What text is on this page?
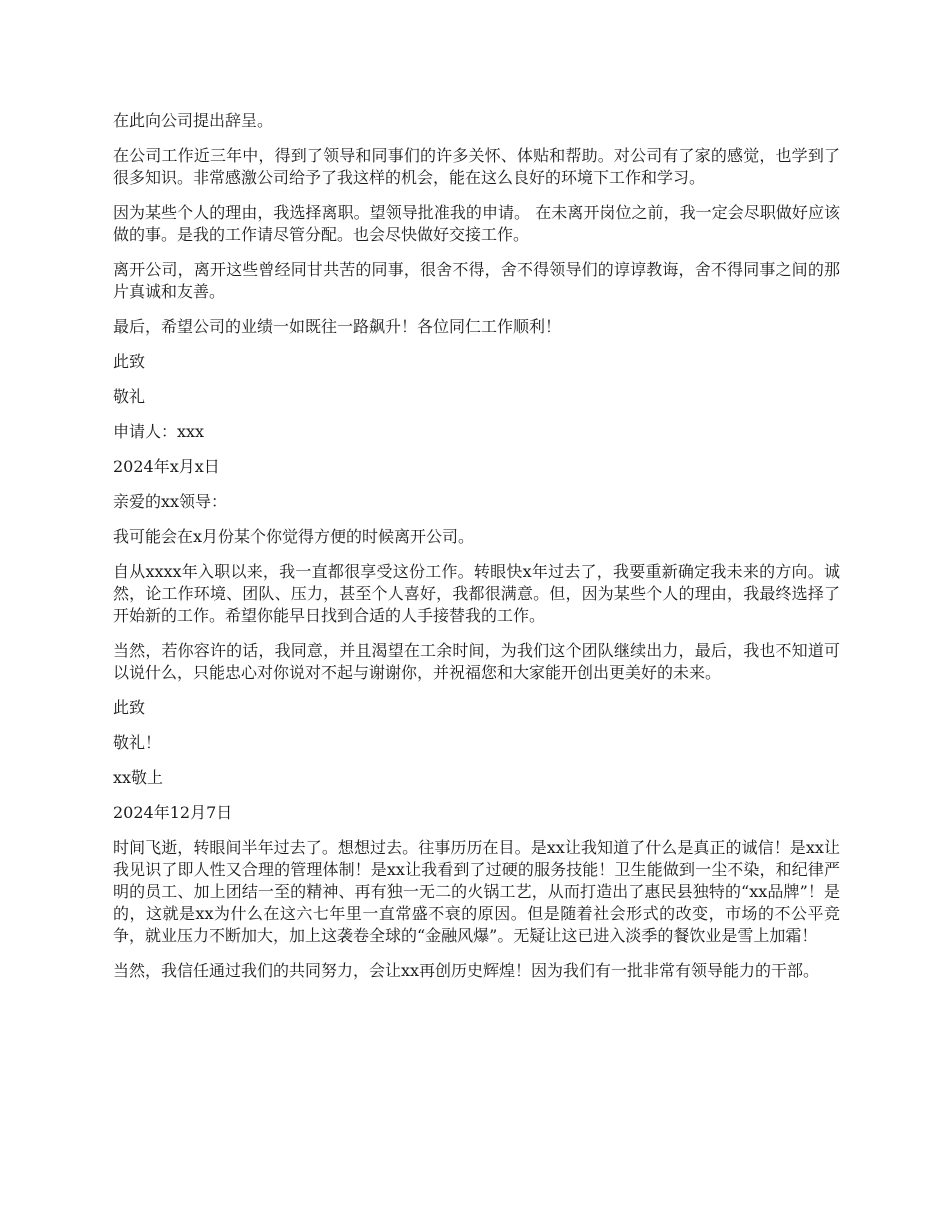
在此向公司提出辞呈。

在公司工作近三年中，得到了领导和同事们的许多关怀、体贴和帮助。对公司有了家的感觉，也学到了很多知识。非常感激公司给予了我这样的机会，能在这么良好的环境下工作和学习。

因为某些个人的理由，我选择离职。望领导批准我的申请。 在未离开岗位之前，我一定会尽职做好应该做的事。是我的工作请尽管分配。也会尽快做好交接工作。

离开公司，离开这些曾经同甘共苦的同事，很舍不得，舍不得领导们的谆谆教诲，舍不得同事之间的那片真诚和友善。

最后，希望公司的业绩一如既往一路飙升！各位同仁工作顺利！

此致

敬礼

申请人：xxx

2024年x月x日

亲爱的xx领导：

我可能会在x月份某个你觉得方便的时候离开公司。

自从xxxx年入职以来，我一直都很享受这份工作。转眼快x年过去了，我要重新确定我未来的方向。诚然，论工作环境、团队、压力，甚至个人喜好，我都很满意。但，因为某些个人的理由，我最终选择了开始新的工作。希望你能早日找到合适的人手接替我的工作。

当然，若你容许的话，我同意，并且渴望在工余时间，为我们这个团队继续出力，最后，我也不知道可以说什么，只能忠心对你说对不起与谢谢你，并祝福您和大家能开创出更美好的未来。

此致

敬礼！

xx敬上

2024年12月7日

时间飞逝，转眼间半年过去了。想想过去。往事历历在目。是xx让我知道了什么是真正的诚信！是xx让我见识了即人性又合理的管理体制！是xx让我看到了过硬的服务技能！卫生能做到一尘不染，和纪律严明的员工、加上团结一至的精神、再有独一无二的火锅工艺，从而打造出了惠民县独特的“xx品牌”！是的，这就是xx为什么在这六七年里一直常盛不衰的原因。但是随着社会形式的改变，市场的不公平竞争，就业压力不断加大，加上这袭卷全球的“金融风爆”。无疑让这已进入淡季的餐饮业是雪上加霜！

当然，我信任通过我们的共同努力，会让xx再创历史辉煌！因为我们有一批非常有领导能力的干部。
